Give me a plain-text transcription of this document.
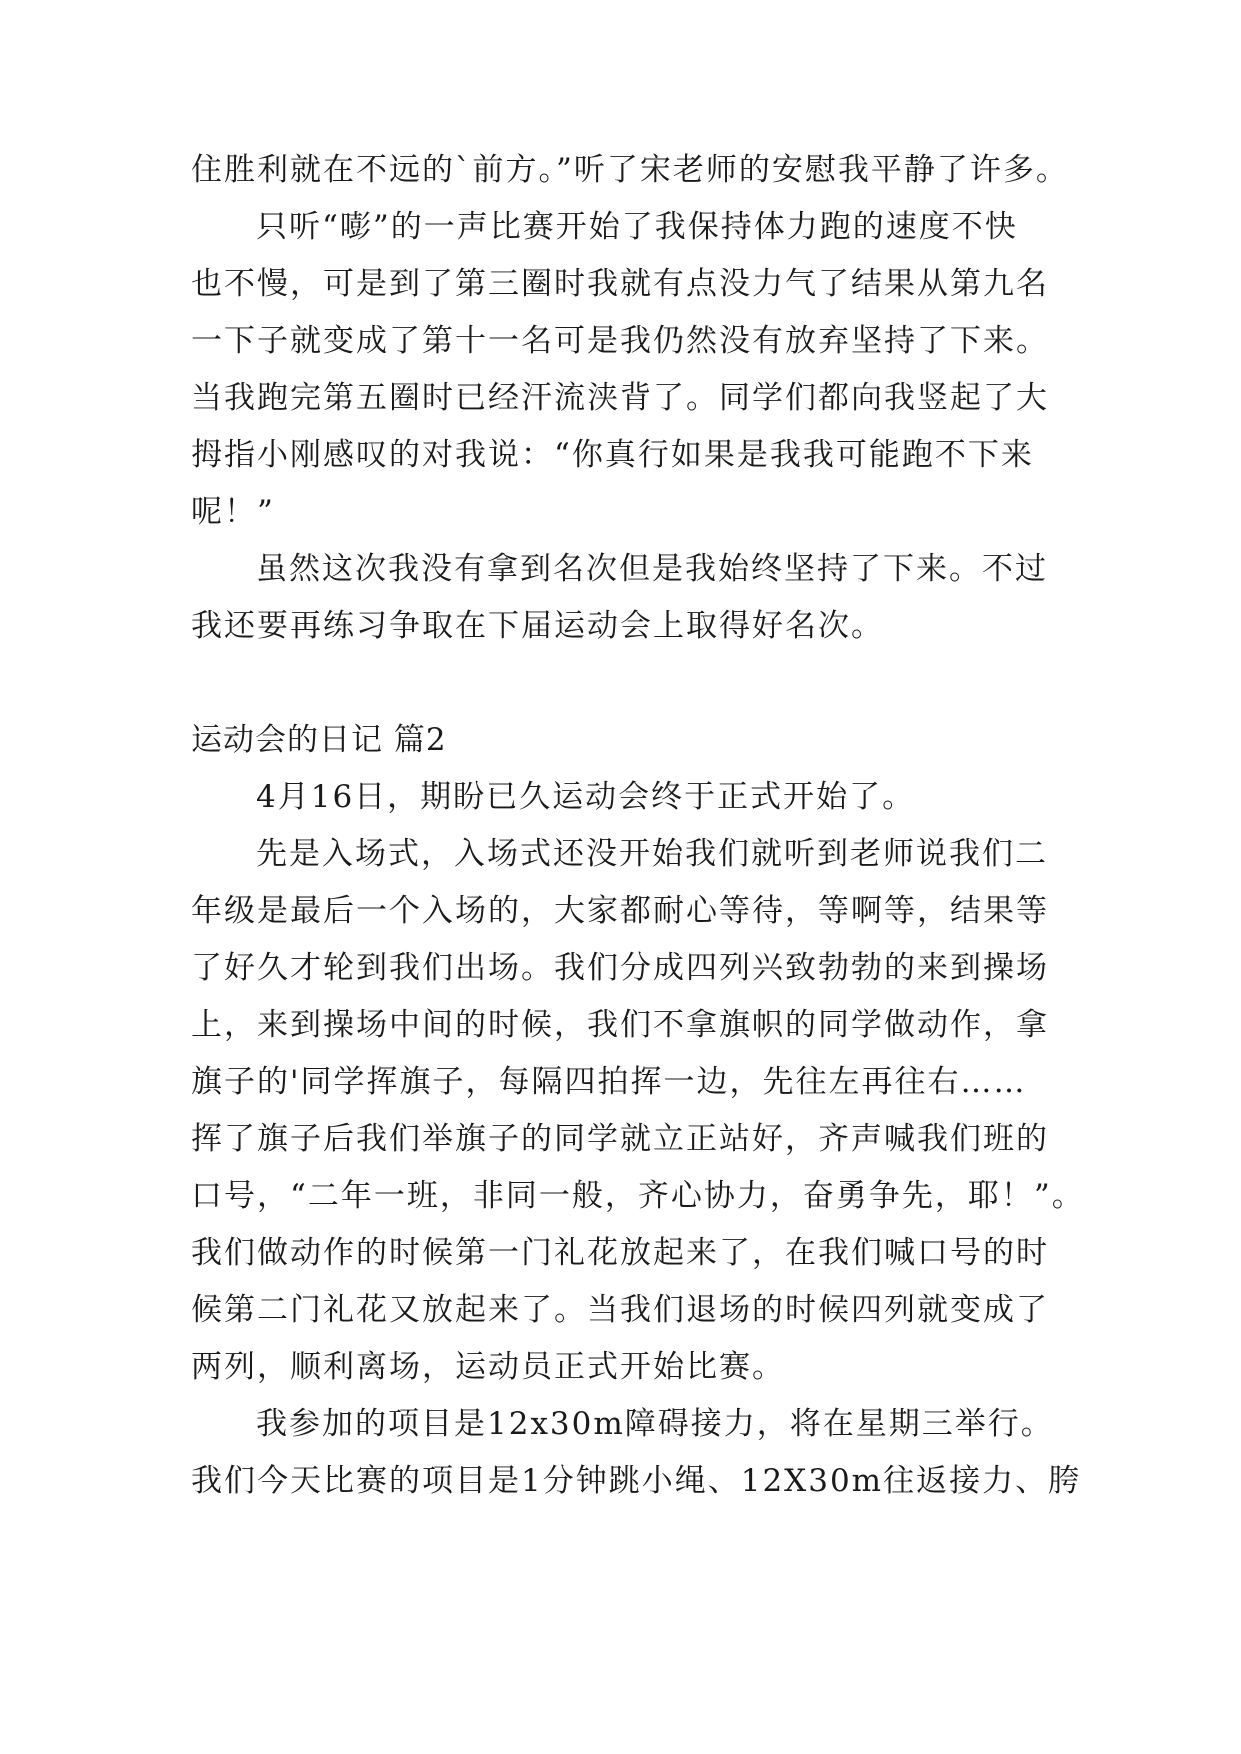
住胜利就在不远的`前方。”听了宋老师的安慰我平静了许多。
只听“嘭”的一声比赛开始了我保持体力跑的速度不快
也不慢，可是到了第三圈时我就有点没力气了结果从第九名
一下子就变成了第十一名可是我仍然没有放弃坚持了下来。
当我跑完第五圈时已经汗流浃背了。同学们都向我竖起了大
拇指小刚感叹的对我说：“你真行如果是我我可能跑不下来
呢！”
虽然这次我没有拿到名次但是我始终坚持了下来。不过
我还要再练习争取在下届运动会上取得好名次。
运动会的日记 篇2
4月16日，期盼已久运动会终于正式开始了。
先是入场式，入场式还没开始我们就听到老师说我们二
年级是最后一个入场的，大家都耐心等待，等啊等，结果等
了好久才轮到我们出场。我们分成四列兴致勃勃的来到操场
上，来到操场中间的时候，我们不拿旗帜的同学做动作，拿
旗子的'同学挥旗子，每隔四拍挥一边，先往左再往右……
挥了旗子后我们举旗子的同学就立正站好，齐声喊我们班的
口号，“二年一班，非同一般，齐心协力，奋勇争先，耶！”。
我们做动作的时候第一门礼花放起来了，在我们喊口号的时
候第二门礼花又放起来了。当我们退场的时候四列就变成了
两列，顺利离场，运动员正式开始比赛。
我参加的项目是12x30m障碍接力，将在星期三举行。
我们今天比赛的项目是1分钟跳小绳、12X30m往返接力、胯
